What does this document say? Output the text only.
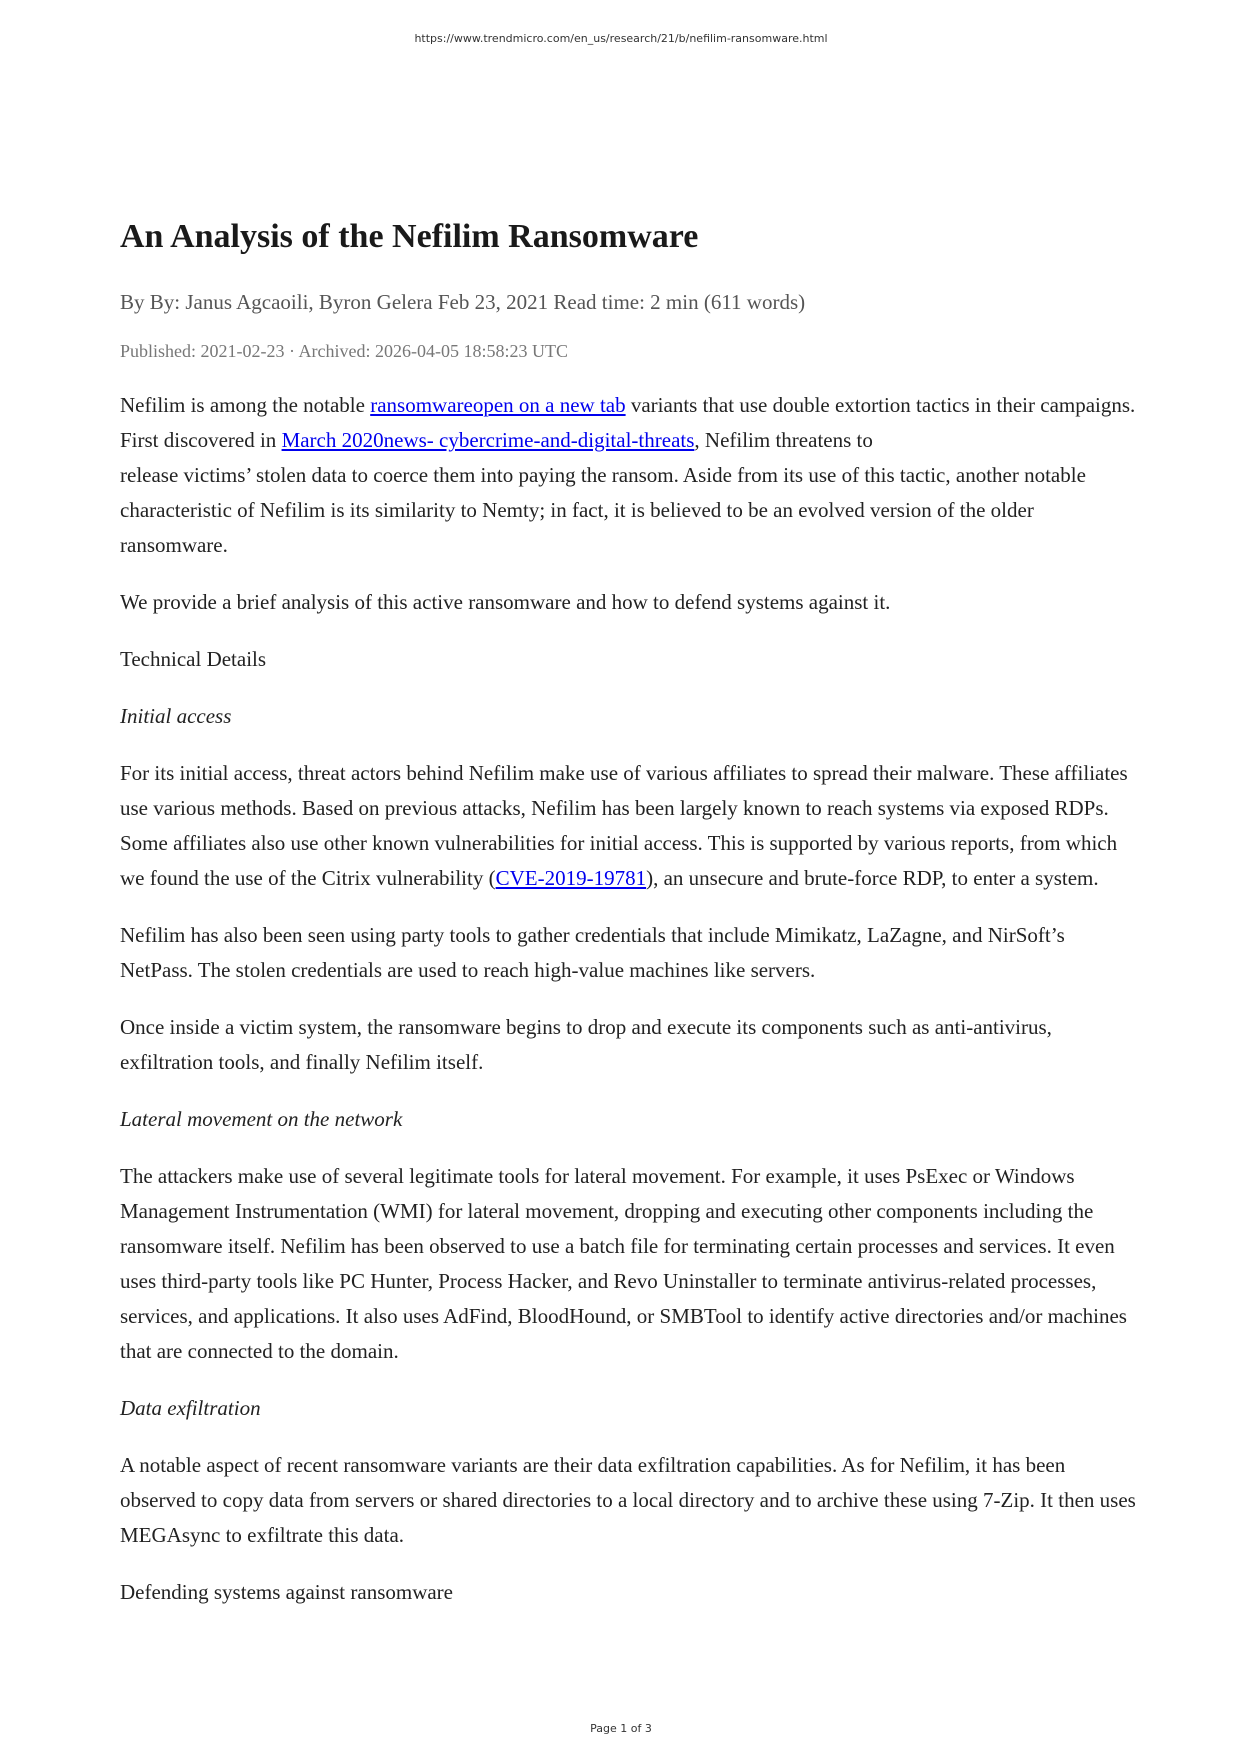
https://www.trendmicro.com/en_us/research/21/b/nefilim-ransomware.html
An Analysis of the Nefilim Ransomware
By By: Janus Agcaoili, Byron Gelera Feb 23, 2021 Read time: 2 min (611 words)
Published: 2021-02-23 · Archived: 2026-04-05 18:58:23 UTC

Nefilim is among the notable ransomwareopen on a new tab variants that use double extortion tactics in their campaigns. First discovered in March 2020news- cybercrime-and-digital-threats, Nefilim threatens to
release victims’ stolen data to coerce them into paying the ransom. Aside from its use of this tactic, another notable characteristic of Nefilim is its similarity to Nemty; in fact, it is believed to be an evolved version of the older ransomware.

We provide a brief analysis of this active ransomware and how to defend systems against it.

Technical Details

Initial access

For its initial access, threat actors behind Nefilim make use of various affiliates to spread their malware. These affiliates use various methods. Based on previous attacks, Nefilim has been largely known to reach systems via exposed RDPs. Some affiliates also use other known vulnerabilities for initial access. This is supported by various reports, from which we found the use of the Citrix vulnerability (CVE-2019-19781), an unsecure and brute-force RDP, to enter a system.

Nefilim has also been seen using party tools to gather credentials that include Mimikatz, LaZagne, and NirSoft’s NetPass. The stolen credentials are used to reach high-value machines like servers.

Once inside a victim system, the ransomware begins to drop and execute its components such as anti-antivirus, exfiltration tools, and finally Nefilim itself.

Lateral movement on the network

The attackers make use of several legitimate tools for lateral movement. For example, it uses PsExec or Windows Management Instrumentation (WMI) for lateral movement, dropping and executing other components including the ransomware itself. Nefilim has been observed to use a batch file for terminating certain processes and services. It even uses third-party tools like PC Hunter, Process Hacker, and Revo Uninstaller to terminate antivirus-related processes, services, and applications. It also uses AdFind, BloodHound, or SMBTool to identify active directories and/or machines that are connected to the domain.

Data exfiltration

A notable aspect of recent ransomware variants are their data exfiltration capabilities. As for Nefilim, it has been observed to copy data from servers or shared directories to a local directory and to archive these using 7-Zip. It then uses MEGAsync to exfiltrate this data.

Defending systems against ransomware

Page 1 of 3
